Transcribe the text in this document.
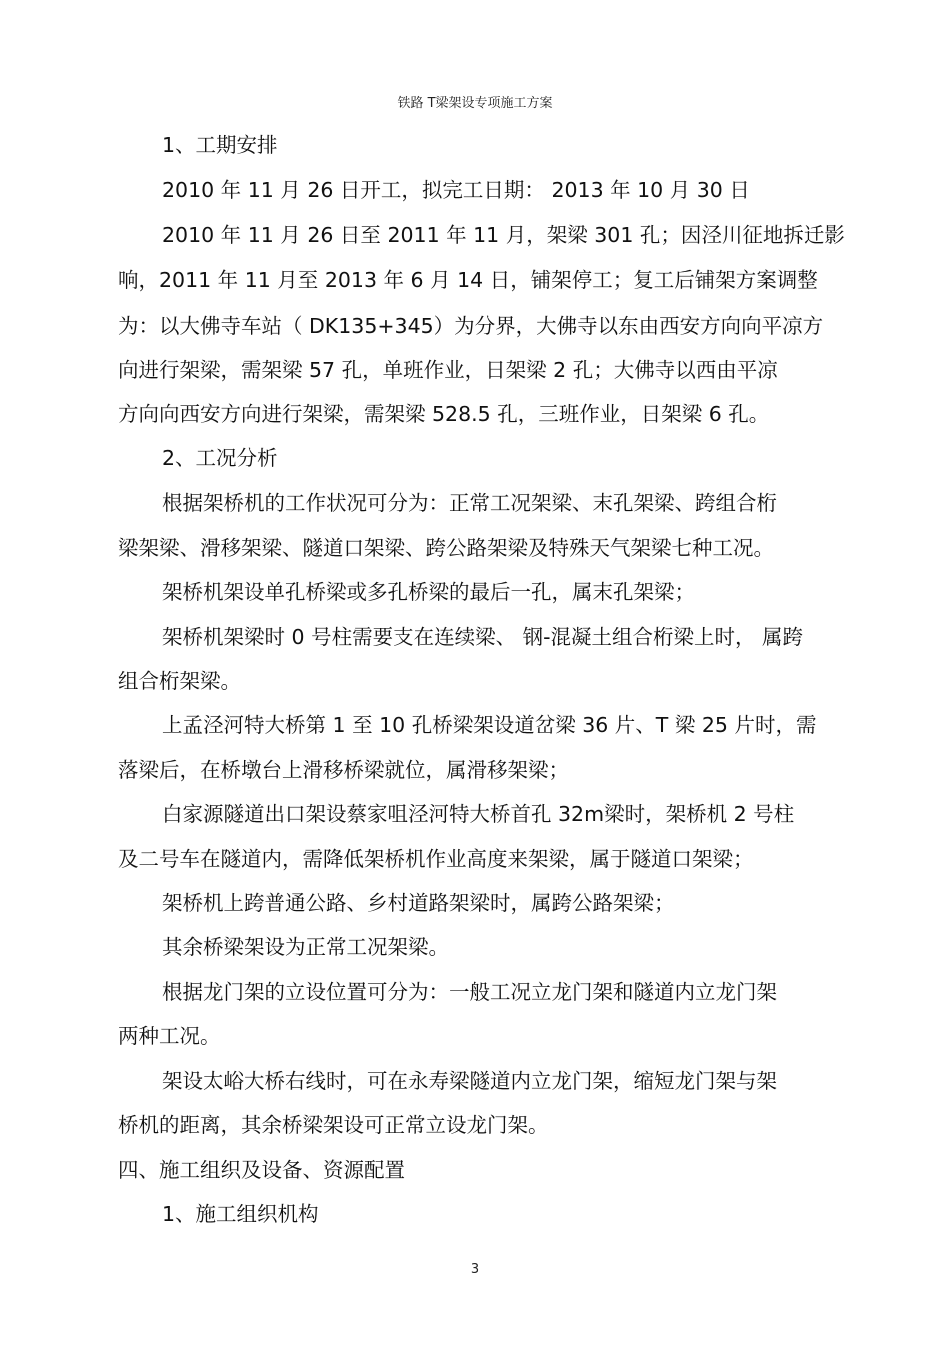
铁路 T梁架设专项施工方案
1、工期安排
2010 年 11 月 26 日开工，拟完工日期： 2013 年 10 月 30 日
2010 年 11 月 26 日至 2011 年 11 月，架梁 301 孔；因泾川征地拆迁影
响，2011 年 11 月至 2013 年 6 月 14 日，铺架停工；复工后铺架方案调整
为：以大佛寺车站（ DK135+345）为分界，大佛寺以东由西安方向向平凉方
向进行架梁，需架梁 57 孔，单班作业，日架梁 2 孔；大佛寺以西由平凉
方向向西安方向进行架梁，需架梁 528.5 孔，三班作业，日架梁 6 孔。
2、工况分析
根据架桥机的工作状况可分为：正常工况架梁、末孔架梁、跨组合桁
梁架梁、滑移架梁、隧道口架梁、跨公路架梁及特殊天气架梁七种工况。
架桥机架设单孔桥梁或多孔桥梁的最后一孔，属末孔架梁；
架桥机架梁时 0 号柱需要支在连续梁、 钢-混凝土组合桁梁上时， 属跨
组合桁架梁。
上孟泾河特大桥第 1 至 10 孔桥梁架设道岔梁 36 片、T 梁 25 片时，需
落梁后，在桥墩台上滑移桥梁就位，属滑移架梁；
白家源隧道出口架设蔡家咀泾河特大桥首孔 32m梁时，架桥机 2 号柱
及二号车在隧道内，需降低架桥机作业高度来架梁，属于隧道口架梁；
架桥机上跨普通公路、乡村道路架梁时，属跨公路架梁；
其余桥梁架设为正常工况架梁。
根据龙门架的立设位置可分为：一般工况立龙门架和隧道内立龙门架
两种工况。
架设太峪大桥右线时，可在永寿梁隧道内立龙门架，缩短龙门架与架
桥机的距离，其余桥梁架设可正常立设龙门架。
四、施工组织及设备、资源配置
1、施工组织机构
3
